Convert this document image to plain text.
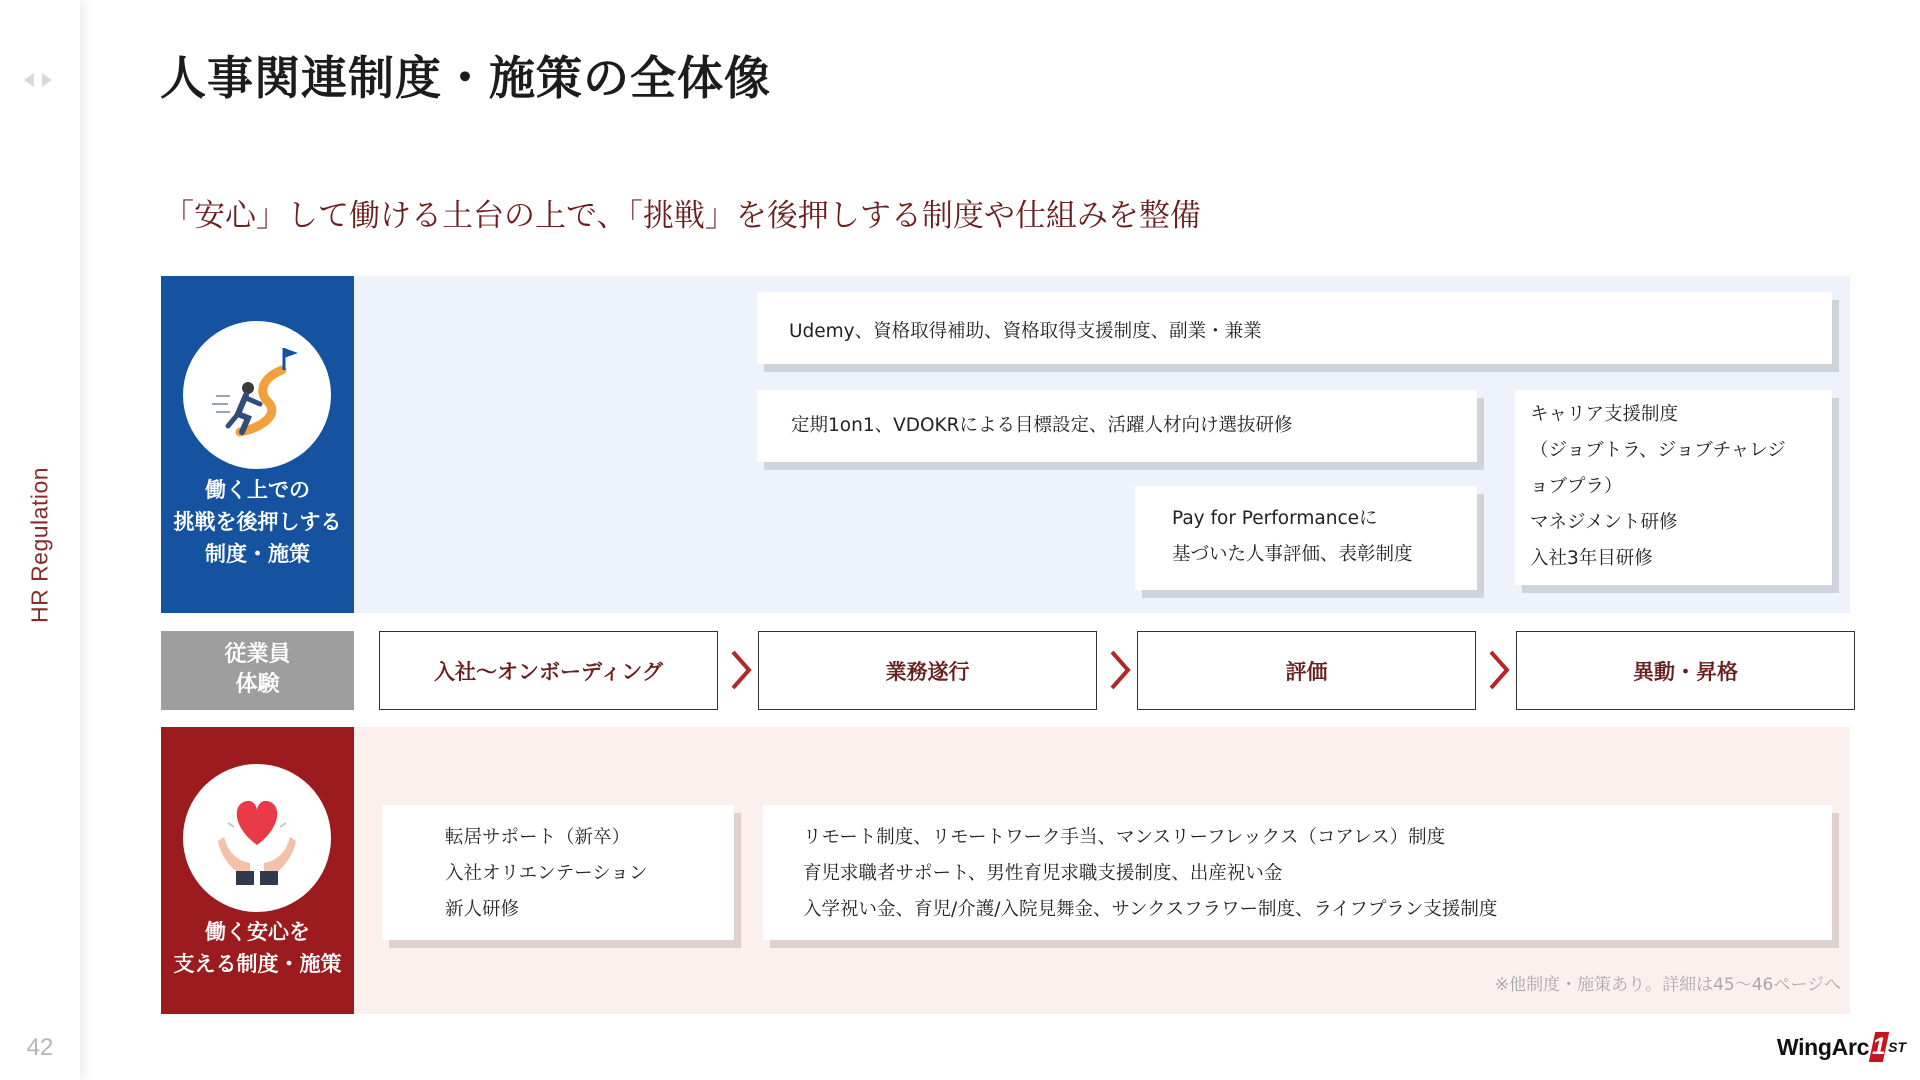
HR Regulation
42
人事関連制度・施策の全体像
「安心」して働ける土台の上で、「挑戦」を後押しする制度や仕組みを整備
働く上での
挑戦を後押しする
制度・施策
Udemy、資格取得補助、資格取得支援制度、副業・兼業
定期1on1、VDOKRによる目標設定、活躍人材向け選抜研修
Pay for Performanceに
基づいた人事評価、表彰制度
キャリア支援制度
（ジョブトラ、ジョブチャレジ
ョブプラ）
マネジメント研修
入社3年目研修
従業員
体験
入社〜オンボーディング	業務遂行	評価	異動・昇格
働く安心を
支える制度・施策
転居サポート（新卒）
入社オリエンテーション
新人研修
リモート制度、リモートワーク手当、マンスリーフレックス（コアレス）制度
育児求職者サポート、男性育児求職支援制度、出産祝い金
入学祝い金、育児/介護/入院見舞金、サンクスフラワー制度、ライフプラン支援制度
※他制度・施策あり。詳細は45〜46ページへ
WingArc 1 ST
